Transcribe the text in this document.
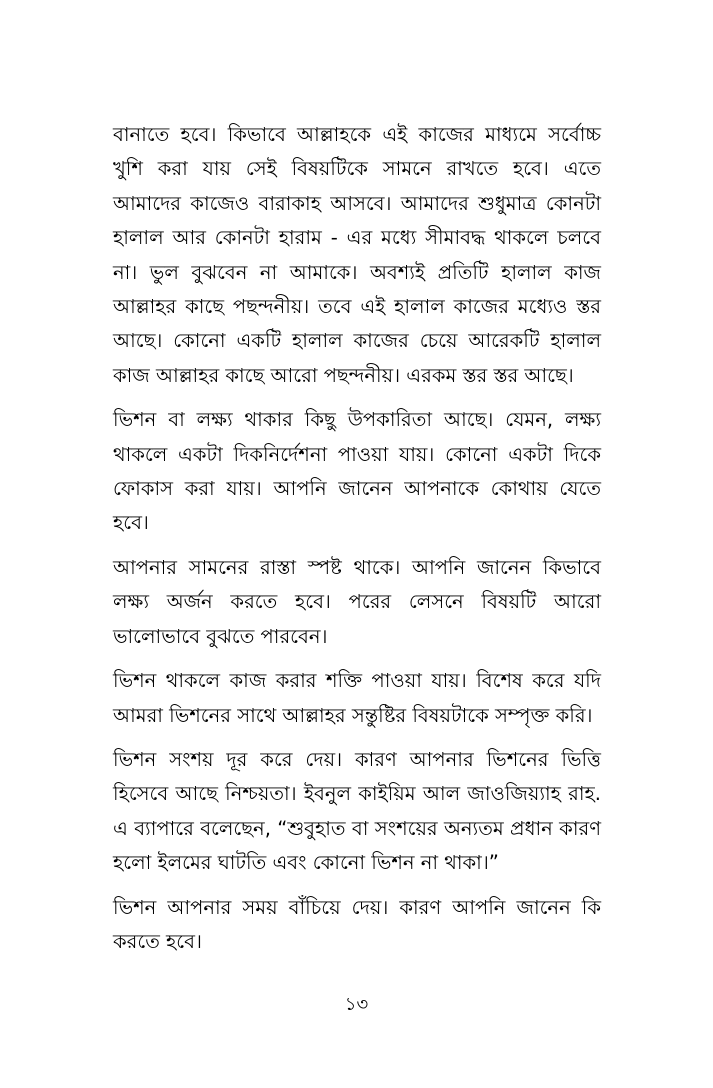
বানাতে হবে। কিভাবে আল্লাহকে এই কাজের মাধ্যমে সর্বোচ্চ খুশি করা যায় সেই বিষয়টিকে সামনে রাখতে হবে। এতে আমাদের কাজেও বারাকাহ আসবে। আমাদের শুধুমাত্র কোনটা হালাল আর কোনটা হারাম - এর মধ্যে সীমাবদ্ধ থাকলে চলবে না। ভুল বুঝবেন না আমাকে। অবশ্যই প্রতিটি হালাল কাজ আল্লাহর কাছে পছন্দনীয়। তবে এই হালাল কাজের মধ্যেও স্তর আছে। কোনো একটি হালাল কাজের চেয়ে আরেকটি হালাল কাজ আল্লাহর কাছে আরো পছন্দনীয়। এরকম স্তর স্তর আছে।

ভিশন বা লক্ষ্য থাকার কিছু উপকারিতা আছে। যেমন, লক্ষ্য থাকলে একটা দিকনির্দেশনা পাওয়া যায়। কোনো একটা দিকে ফোকাস করা যায়। আপনি জানেন আপনাকে কোথায় যেতে হবে।

আপনার সামনের রাস্তা স্পষ্ট থাকে। আপনি জানেন কিভাবে লক্ষ্য অর্জন করতে হবে। পরের লেসনে বিষয়টি আরো ভালোভাবে বুঝতে পারবেন।

ভিশন থাকলে কাজ করার শক্তি পাওয়া যায়। বিশেষ করে যদি আমরা ভিশনের সাথে আল্লাহর সন্তুষ্টির বিষয়টাকে সম্পৃক্ত করি।

ভিশন সংশয় দূর করে দেয়। কারণ আপনার ভিশনের ভিত্তি হিসেবে আছে নিশ্চয়তা। ইবনুল কাইয়িম আল জাওজিয়্যাহ রাহ. এ ব্যাপারে বলেছেন, “শুবুহাত বা সংশয়ের অন্যতম প্রধান কারণ হলো ইলমের ঘাটতি এবং কোনো ভিশন না থাকা।”

ভিশন আপনার সময় বাঁচিয়ে দেয়। কারণ আপনি জানেন কি করতে হবে।

১৩
